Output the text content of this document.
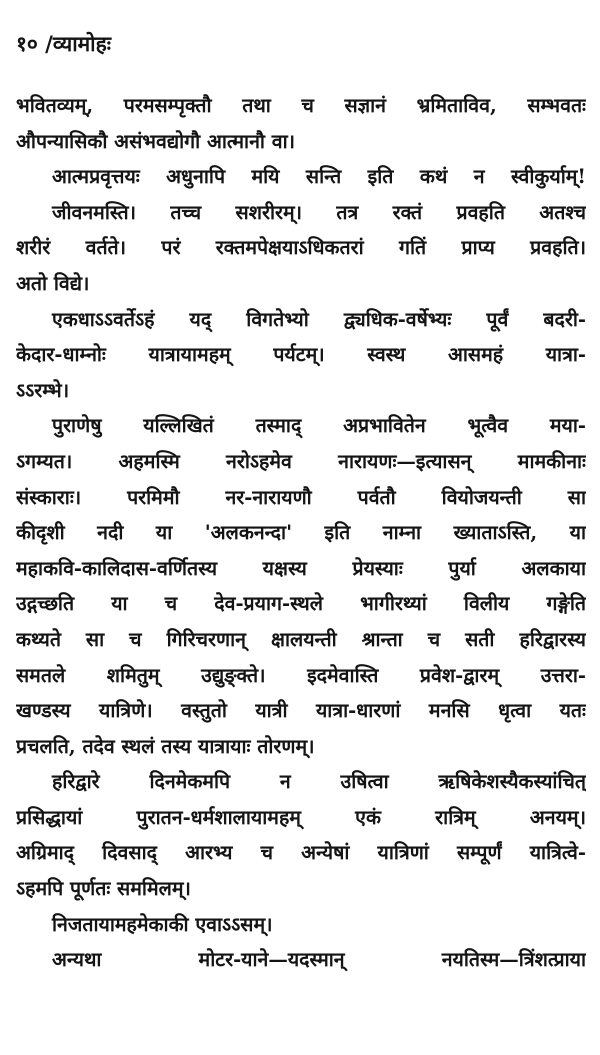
१० /व्यामोहः
भवितव्यम्, परमसम्पृक्तौ तथा च सज्ञानं भ्रमिताविव, सम्भवतः
औपन्यासिकौ असंभवद्योगौ आत्मानौ वा।
आत्मप्रवृत्तयः अधुनापि मयि सन्ति इति कथं न स्वीकुर्याम्!
जीवनमस्ति। तच्च सशरीरम्। तत्र रक्तं प्रवहति अतश्च
शरीरं वर्तते। परं रक्तमपेक्षयाऽधिकतरां गतिं प्राप्य प्रवहति।
अतो विद्ये।
एकधाऽऽवर्तेऽहं यद् विगतेभ्यो द्व्यधिक-वर्षेभ्यः पूर्वं बदरी-
केदार-धाम्नोः यात्रायामहम् पर्यटम्। स्वस्थ आसमहं यात्रा-
ऽऽरम्भे।
पुराणेषु यल्लिखितं तस्माद् अप्रभावितेन भूत्वैव मया-
ऽगम्यत। अहमस्मि नरोऽहमेव नारायणः—इत्यासन् मामकीनाः
संस्काराः। परमिमौ नर-नारायणौ पर्वतौ वियोजयन्ती सा
कीदृशी नदी या 'अलकनन्दा' इति नाम्ना ख्याताऽस्ति, या
महाकवि-कालिदास-वर्णितस्य यक्षस्य प्रेयस्याः पुर्या अलकाया
उद्गच्छति या च देव-प्रयाग-स्थले भागीरथ्यां विलीय गङ्गेति
कथ्यते सा च गिरिचरणान् क्षालयन्ती श्रान्ता च सती हरिद्वारस्य
समतले शमितुम् उद्युङ्क्ते। इदमेवास्ति प्रवेश-द्वारम् उत्तरा-
खण्डस्य यात्रिणे। वस्तुतो यात्री यात्रा-धारणां मनसि धृत्वा यतः
प्रचलति, तदेव स्थलं तस्य यात्रायाः तोरणम्।
हरिद्वारे दिनमेकमपि न उषित्वा ऋषिकेशस्यैकस्यांचित्
प्रसिद्धायां पुरातन-धर्मशालायामहम् एकं रात्रिम् अनयम्।
अग्रिमाद् दिवसाद् आरभ्य च अन्येषां यात्रिणां सम्पूर्णं यात्रित्वे-
ऽहमपि पूर्णतः सममिलम्।
निजतायामहमेकाकी एवाऽऽसम्।
अन्यथा मोटर-याने—यदस्मान् नयतिस्म—त्रिंशत्प्राया
